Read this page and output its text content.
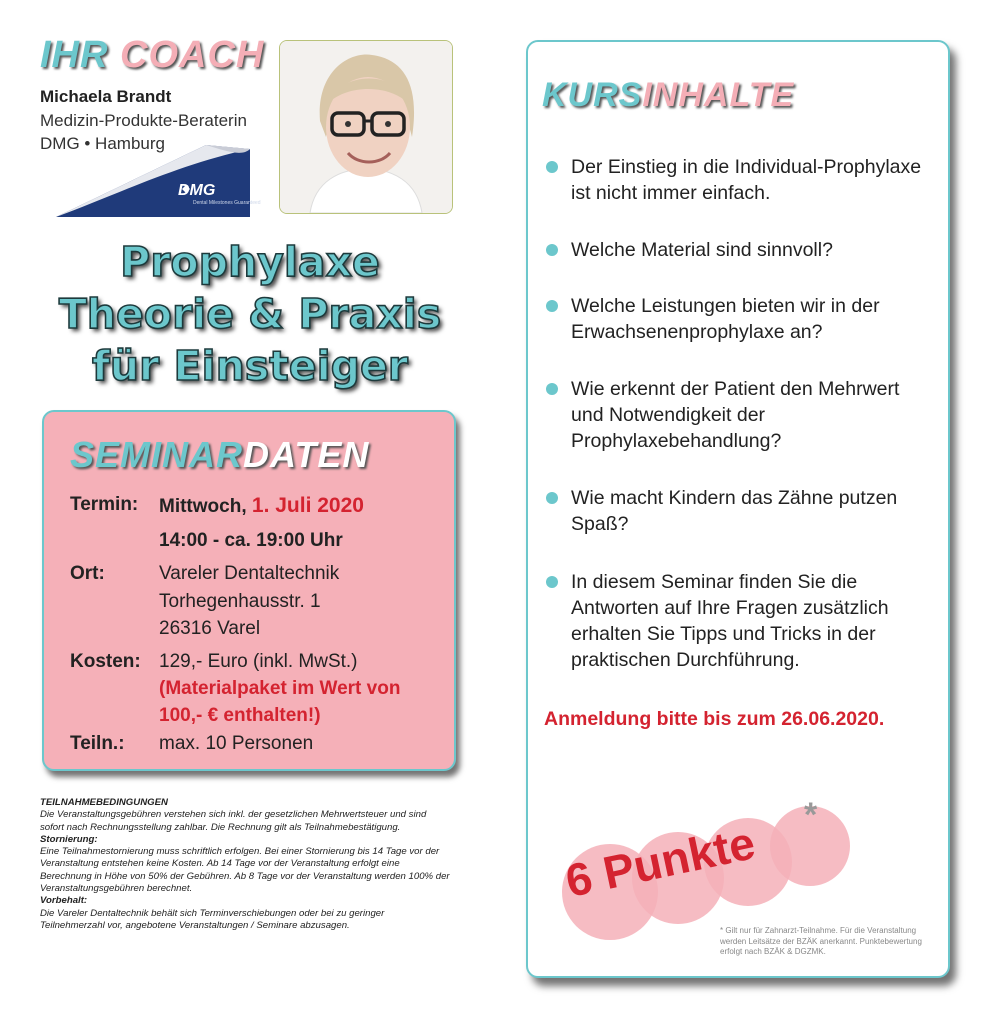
IHR COACH
Michaela Brandt
Medizin-Produkte-Beraterin
DMG • Hamburg
DMG
Dental Milestones Guaranteed
Prophylaxe
Theorie & Praxis
für Einsteiger
SEMINARDATEN
Termin: Mittwoch, 1. Juli 2020
14:00 - ca. 19:00 Uhr
Ort:	Vareler Dentaltechnik
Torhegenhausstr. 1
26316 Varel
Kosten: 129,- Euro (inkl. MwSt.)
(Materialpaket im Wert von
100,- € enthalten!)
Teiln.: max. 10 Personen

TEILNAHMEBEDINGUNGEN

Die Veranstaltungsgebühren verstehen sich inkl. der gesetzlichen Mehrwertsteuer und sind sofort nach Rechnungsstellung zahlbar. Die Rechnung gilt als Teilnahmebestätigung.

Stornierung:

Eine Teilnahmestornierung muss schriftlich erfolgen. Bei einer Stornierung bis 14 Tage vor der Veranstaltung entstehen keine Kosten. Ab 14 Tage vor der Veranstaltung erfolgt eine Berechnung in Höhe von 50% der Gebühren. Ab 8 Tage vor der Veranstaltung werden 100% der Veranstaltungsgebühren berechnet.

Vorbehalt:

Die Vareler Dentaltechnik behält sich Terminverschiebungen oder bei zu geringer Teilnehmerzahl vor, angebotene Veranstaltungen / Seminare abzusagen.

KURSINHALTE
Der Einstieg in die Individual-Prophylaxe ist nicht immer einfach.
Welche Material sind sinnvoll?
Welche Leistungen bieten wir in der Erwachsenenprophylaxe an?
Wie erkennt der Patient den Mehrwert und Notwendigkeit der Prophylaxebehandlung?
Wie macht Kindern das Zähne putzen Spaß?
In diesem Seminar finden Sie die Antworten auf Ihre Fragen zusätzlich erhalten Sie Tipps und Tricks in der praktischen Durchführung.
Anmeldung bitte bis zum 26.06.2020.
6 Punkte
*
* Gilt nur für Zahnarzt-Teilnahme. Für die Veranstaltung werden Leitsätze der BZÄK anerkannt. Punktebewertung erfolgt nach BZÄK & DGZMK.
